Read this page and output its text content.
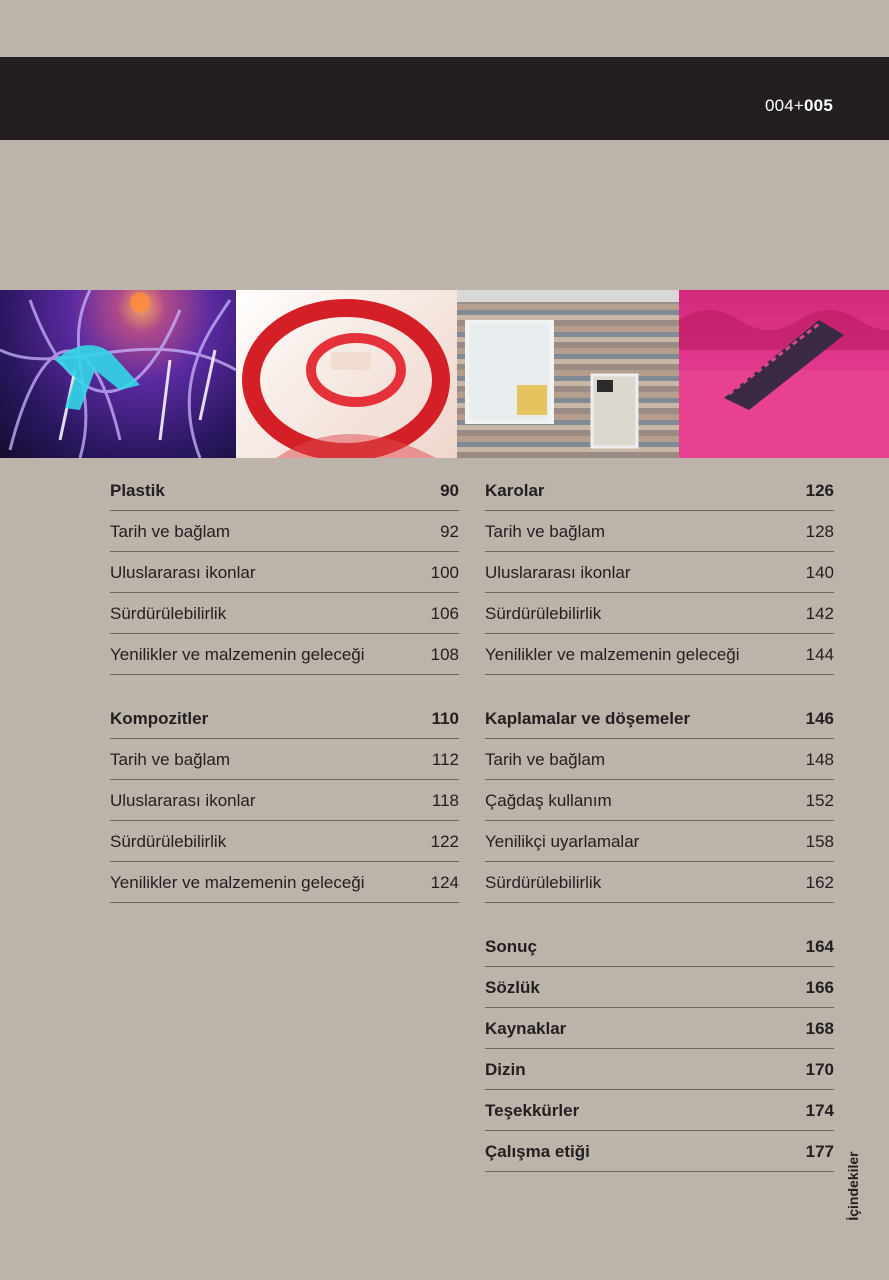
004+005
Plastik	90
Tarih ve bağlam	92
Uluslararası ikonlar	100
Sürdürülebilirlik	106
Yenilikler ve malzemenin geleceği	108
Kompozitler	110
Tarih ve bağlam	112
Uluslararası ikonlar	118
Sürdürülebilirlik	122
Yenilikler ve malzemenin geleceği	124
Karolar	126
Tarih ve bağlam	128
Uluslararası ikonlar	140
Sürdürülebilirlik	142
Yenilikler ve malzemenin geleceği	144
Kaplamalar ve döşemeler	146
Tarih ve bağlam	148
Çağdaş kullanım	152
Yenilikçi uyarlamalar	158
Sürdürülebilirlik	162
Sonuç	164
Sözlük	166
Kaynaklar	168
Dizin	170
Teşekkürler	174
Çalışma etiği	177 İçindekiler
